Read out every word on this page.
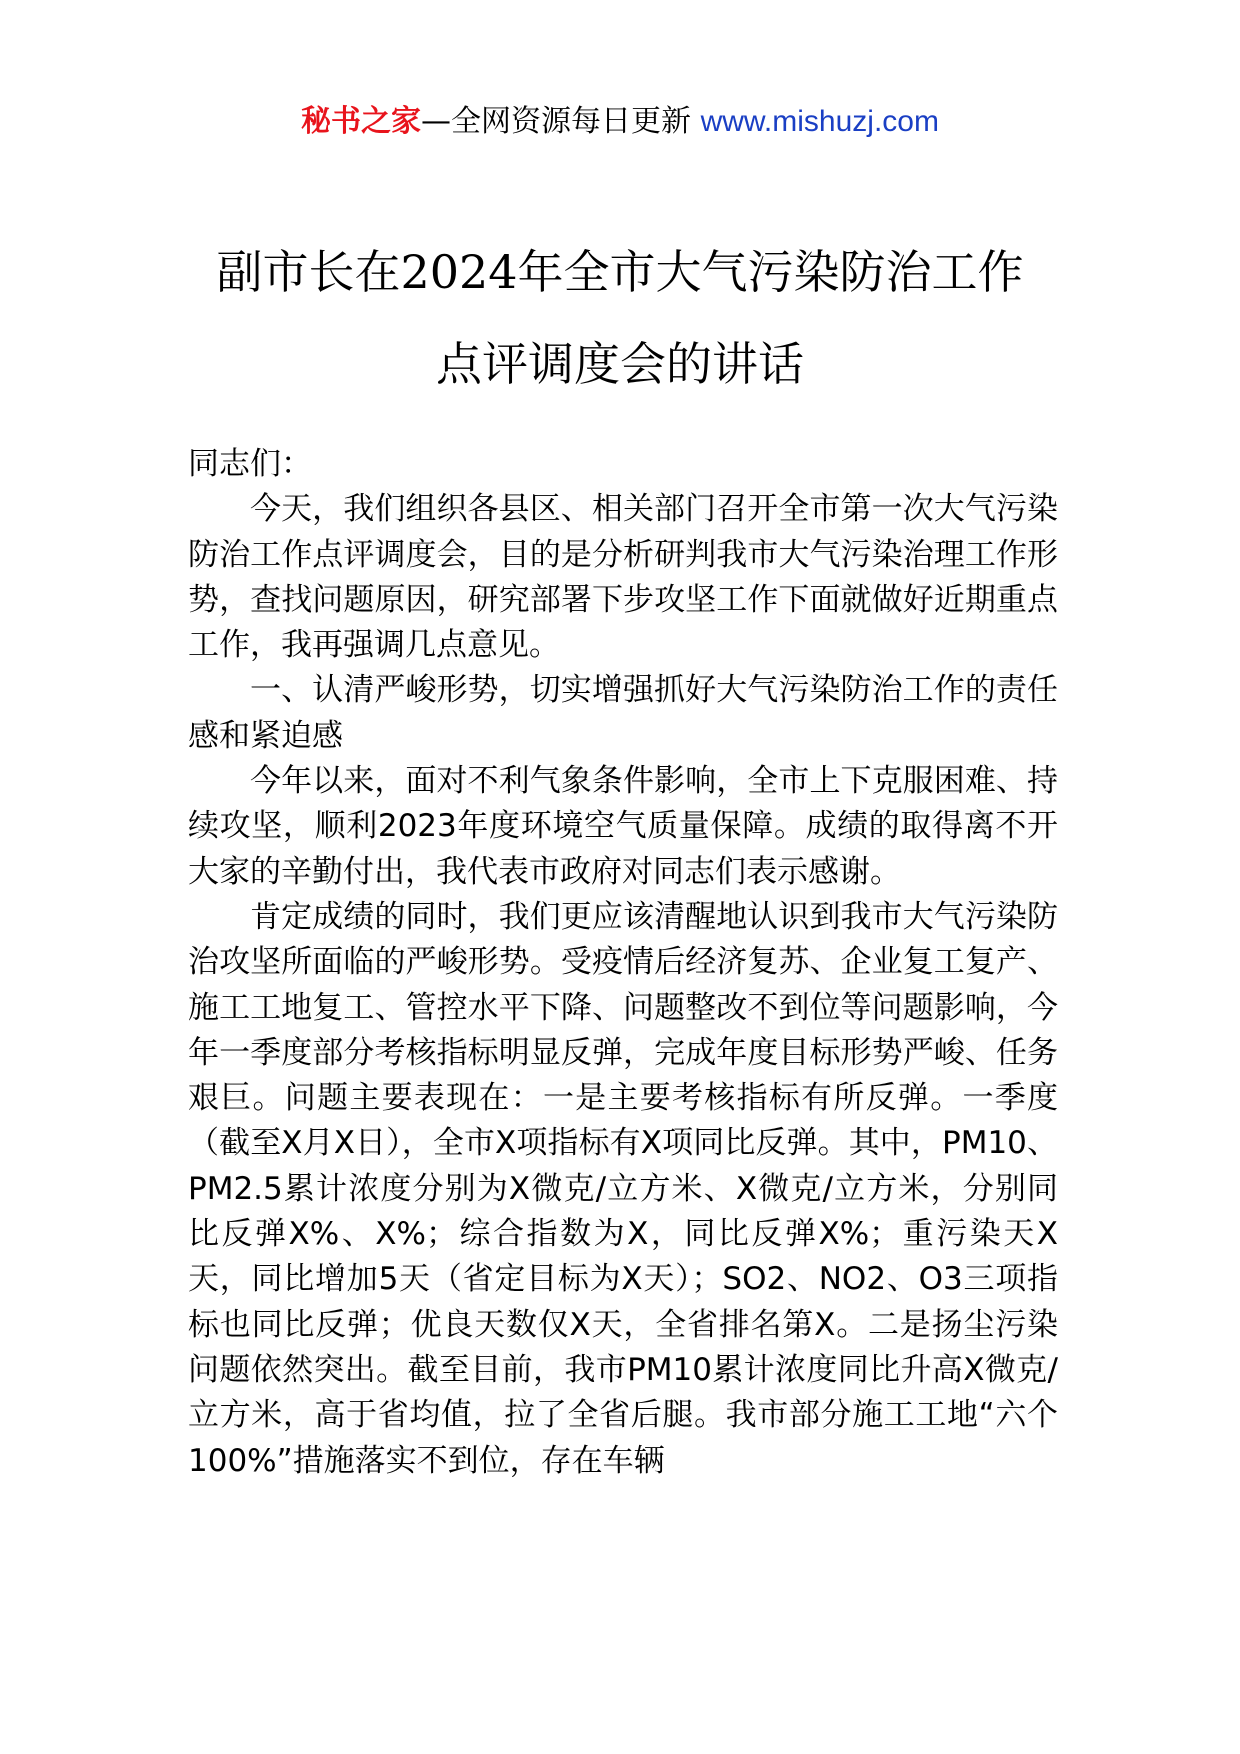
秘书之家—全网资源每日更新 www.mishuzj.com
副市长在2024年全市大气污染防治工作
点评调度会的讲话

同志们：

今天，我们组织各县区、相关部门召开全市第一次大气污染防治工作点评调度会，目的是分析研判我市大气污染治理工作形势，查找问题原因，研究部署下步攻坚工作下面就做好近期重点工作，我再强调几点意见。

一、认清严峻形势，切实增强抓好大气污染防治工作的责任感和紧迫感

今年以来，面对不利气象条件影响，全市上下克服困难、持续攻坚，顺利2023年度环境空气质量保障。成绩的取得离不开大家的辛勤付出，我代表市政府对同志们表示感谢。

肯定成绩的同时，我们更应该清醒地认识到我市大气污染防治攻坚所面临的严峻形势。受疫情后经济复苏、企业复工复产、施工工地复工、管控水平下降、问题整改不到位等问题影响，今年一季度部分考核指标明显反弹，完成年度目标形势严峻、任务艰巨。问题主要表现在：一是主要考核指标有所反弹。一季度（截至X月X日），全市X项指标有X项同比反弹。其中，PM10、PM2.5累计浓度分别为X微克/立方米、X微克/立方米，分别同比反弹X%、X%；综合指数为X，同比反弹X%；重污染天X天，同比增加5天（省定目标为X天）；SO2、NO2、O3三项指标也同比反弹；优良天数仅X天，全省排名第X。二是扬尘污染问题依然突出。截至目前，我市PM10累计浓度同比升高X微克/立方米，高于省均值，拉了全省后腿。我市部分施工工地“六个100%”措施落实不到位，存在车辆
